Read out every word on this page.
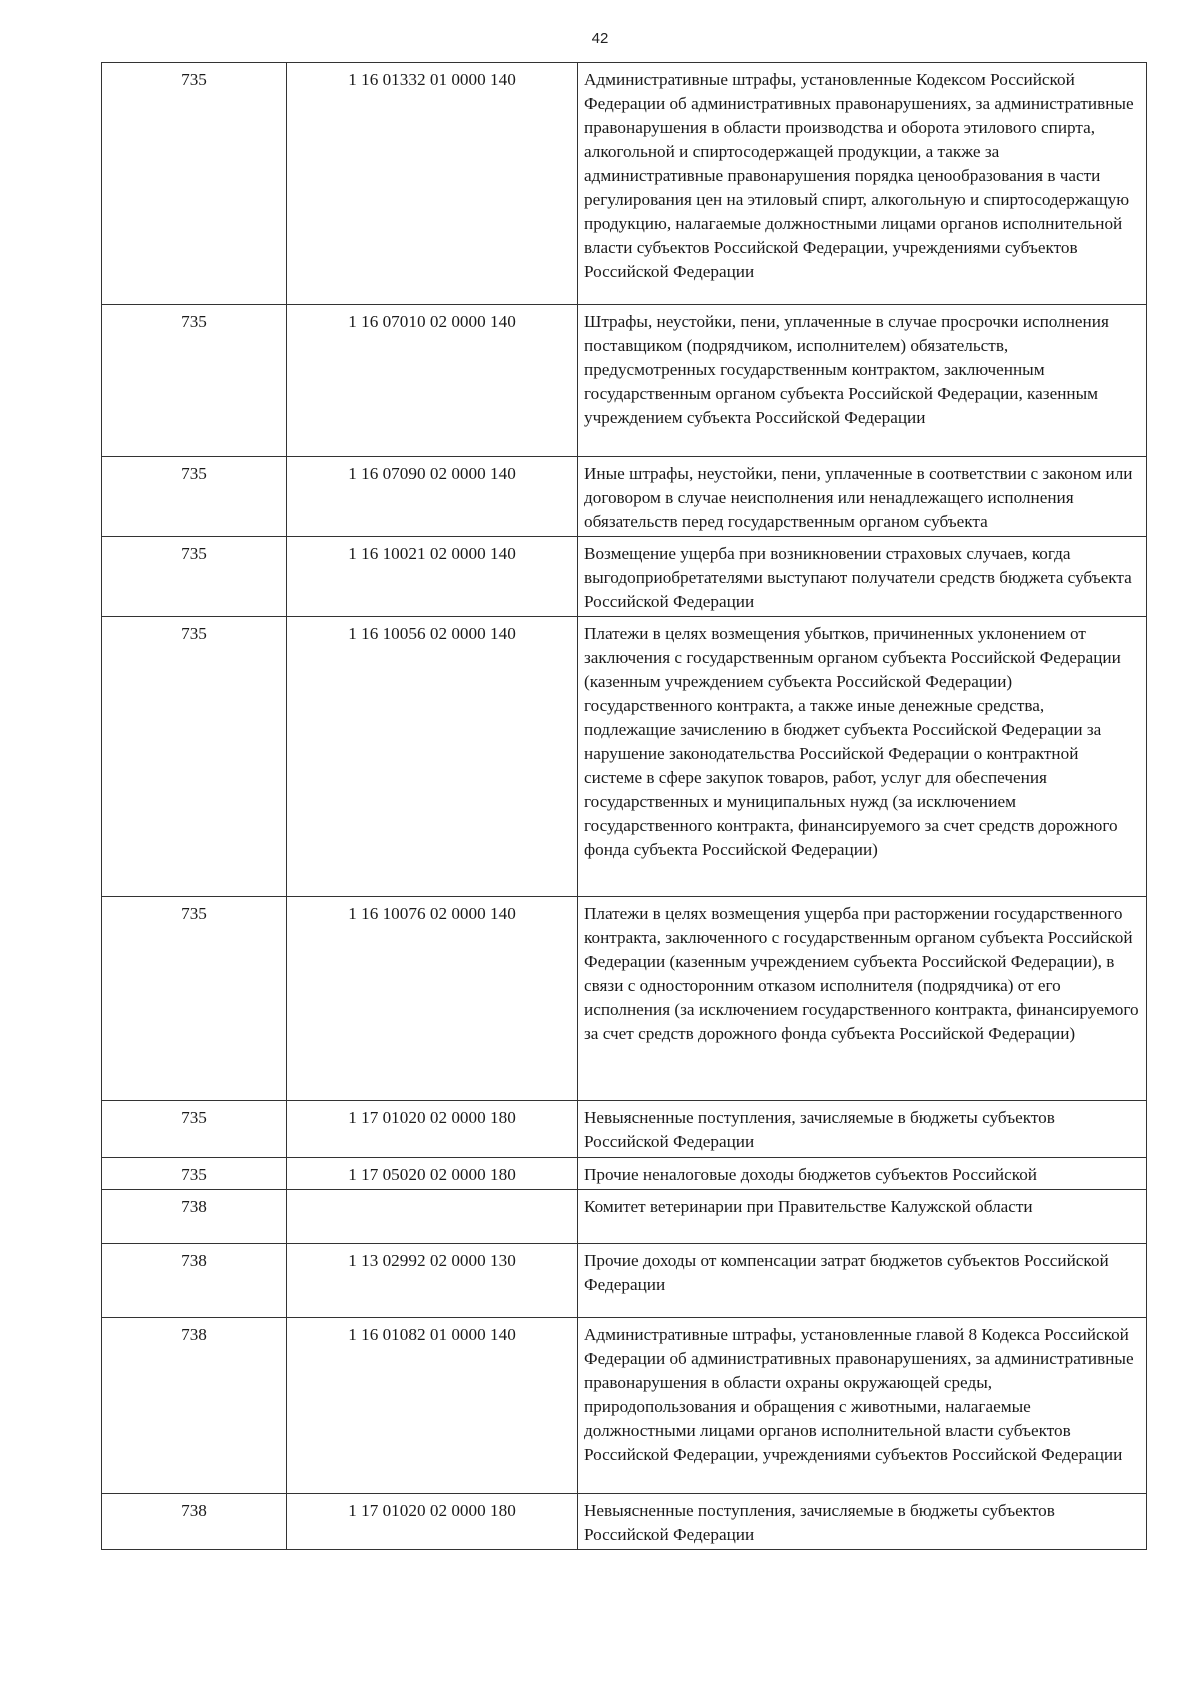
42
735	1 16 01332 01 0000 140	Административные штрафы, установленные Кодексом Российской Федерации об административных правонарушениях, за административные правонарушения в области производства и оборота этилового спирта, алкогольной и спиртосодержащей продукции, а также за административные правонарушения порядка ценообразования в части регулирования цен на этиловый спирт, алкогольную и спиртосодержащую продукцию, налагаемые должностными лицами органов исполнительной власти субъектов Российской Федерации, учреждениями субъектов Российской Федерации
735	1 16 07010 02 0000 140	Штрафы, неустойки, пени, уплаченные в случае просрочки исполнения поставщиком (подрядчиком, исполнителем) обязательств, предусмотренных государственным контрактом, заключенным государственным органом субъекта Российской Федерации, казенным учреждением субъекта Российской Федерации
735	1 16 07090 02 0000 140	Иные штрафы, неустойки, пени, уплаченные в соответствии с законом или договором в случае неисполнения или ненадлежащего исполнения обязательств перед государственным органом субъекта
735	1 16 10021 02 0000 140	Возмещение ущерба при возникновении страховых случаев, когда выгодоприобретателями выступают получатели средств бюджета субъекта Российской Федерации
735	1 16 10056 02 0000 140	Платежи в целях возмещения убытков, причиненных уклонением от заключения с государственным органом субъекта Российской Федерации (казенным учреждением субъекта Российской Федерации) государственного контракта, а также иные денежные средства, подлежащие зачислению в бюджет субъекта Российской Федерации за нарушение законодательства Российской Федерации о контрактной системе в сфере закупок товаров, работ, услуг для обеспечения государственных и муниципальных нужд (за исключением государственного контракта, финансируемого за счет средств дорожного фонда субъекта Российской Федерации)
735	1 16 10076 02 0000 140	Платежи в целях возмещения ущерба при расторжении государственного контракта, заключенного с государственным органом субъекта Российской Федерации (казенным учреждением субъекта Российской Федерации), в связи с односторонним отказом исполнителя (подрядчика) от его исполнения (за исключением государственного контракта, финансируемого за счет средств дорожного фонда субъекта Российской Федерации)
735	1 17 01020 02 0000 180	Невыясненные поступления, зачисляемые в бюджеты субъектов Российской Федерации
735	1 17 05020 02 0000 180	Прочие неналоговые доходы бюджетов субъектов Российской
738		Комитет ветеринарии при Правительстве Калужской области
738	1 13 02992 02 0000 130	Прочие доходы от компенсации затрат бюджетов субъектов Российской Федерации
738	1 16 01082 01 0000 140	Административные штрафы, установленные главой 8 Кодекса Российской Федерации об административных правонарушениях, за административные правонарушения в области охраны окружающей среды, природопользования и обращения с животными, налагаемые должностными лицами органов исполнительной власти субъектов Российской Федерации, учреждениями субъектов Российской Федерации
738	1 17 01020 02 0000 180	Невыясненные поступления, зачисляемые в бюджеты субъектов Российской Федерации
